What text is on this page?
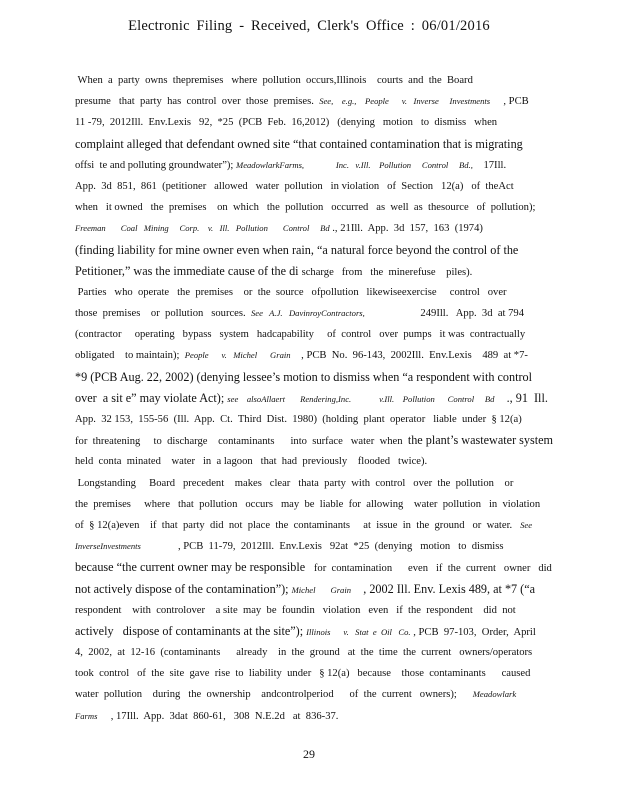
Electronic Filing - Received, Clerk's Office : 06/01/2016
When  a  party  owns  thepremises   where  pollution  occurs,Illinois    courts  and  the  Board
presume   that  party  has  control  over  those  premises.  See,    e.g.,    People      v.   Inverse     Investments     , PCB
11 -79,  2012Ill.  Env.Lexis   92,  *25  (PCB  Feb.  16,2012)   (denying   motion   to  dismiss   when
complaint alleged that defendant owned site “that contained contamination that is migrating
offsi  te and polluting groundwater”); MeadowlarkFarms,	Inc.   v.Ill.    Pollution     Control     Bd.,    17Ill.
App.  3d  851,  861  (petitioner   allowed   water  pollution   in violation   of  Section   12(a)   of  theAct
when   it owned   the  premises    on  which   the  pollution   occurred   as  well  as  thesource   of  pollution);
Freeman       Coal   Mining     Corp.    v.   Ill.   Pollution       Control     Bd ., 21Ill.  App.  3d  157,  163  (1974)
(finding liability for mine owner even when rain, “a natural force beyond the control of the
Petitioner,” was the immediate cause of the di scharge   from   the  minerefuse    piles).
Parties   who  operate   the  premises    or  the  source   ofpollution   likewiseexercise     control   over
those  premises    or  pollution   sources.  See   A.J.   DavinroyContractors,                     249Ill.   App.  3d  at 794
(contractor     operating   bypass   system   hadcapability     of  control   over  pumps   it was  contractually
obligated    to maintain);  People      v.   Michel      Grain    , PCB  No.  96-143,  2002Ill.  Env.Lexis    489  at *7-
*9 (PCB Aug. 22, 2002) (denying lessee’s motion to dismiss when “a respondent with control
over  a sit e” may violate Act); see    alsoAllaert       Rendering,Inc.             v.Ill.    Pollution      Control     Bd    ., 91  Ill.
App.  32 153,  155-56  (Ill.  App.  Ct.  Third  Dist.  1980)  (holding  plant  operator   liable  under  § 12(a)
for  threatening     to  discharge    contaminants      into  surface   water  when  the plant’s wastewater system
held  conta  minated    water   in  a lagoon   that  had  previously    flooded   twice).
Longstanding     Board   precedent    makes   clear   thata  party  with  control   over  the  pollution    or
the  premises     where   that  pollution   occurs   may  be  liable  for  allowing    water  pollution   in  violation
of  § 12(a)even    if  that  party  did  not  place  the  contaminants     at  issue  in  the  ground   or  water.   See
InverseInvestments              , PCB  11-79,  2012Ill.  Env.Lexis   92at  *25  (denying   motion   to  dismiss
because “the current owner may be responsible   for  contamination      even   if  the  current   owner   did
not actively dispose of the contamination”); Michel       Grain    , 2002 Ill. Env. Lexis 489, at *7 (“a
respondent    with  controlover    a site  may  be  foundin   violation   even   if  the  respondent    did  not
actively   dispose of contaminants at the site”); Illinois      v.   Stat  e  Oil   Co. , PCB  97-103,  Order,  April
4,  2002,  at  12-16  (contaminants      already    in  the  ground   at  the  time  the  current   owners/operators
took  control   of  the  site  gave  rise  to  liability  under   § 12(a)   because    those  contaminants      caused
water  pollution    during   the  ownership    andcontrolperiod      of  the  current   owners);      Meadowlark
Farms     , 17Ill.  App.  3dat  860-61,   308  N.E.2d   at  836-37.
29
